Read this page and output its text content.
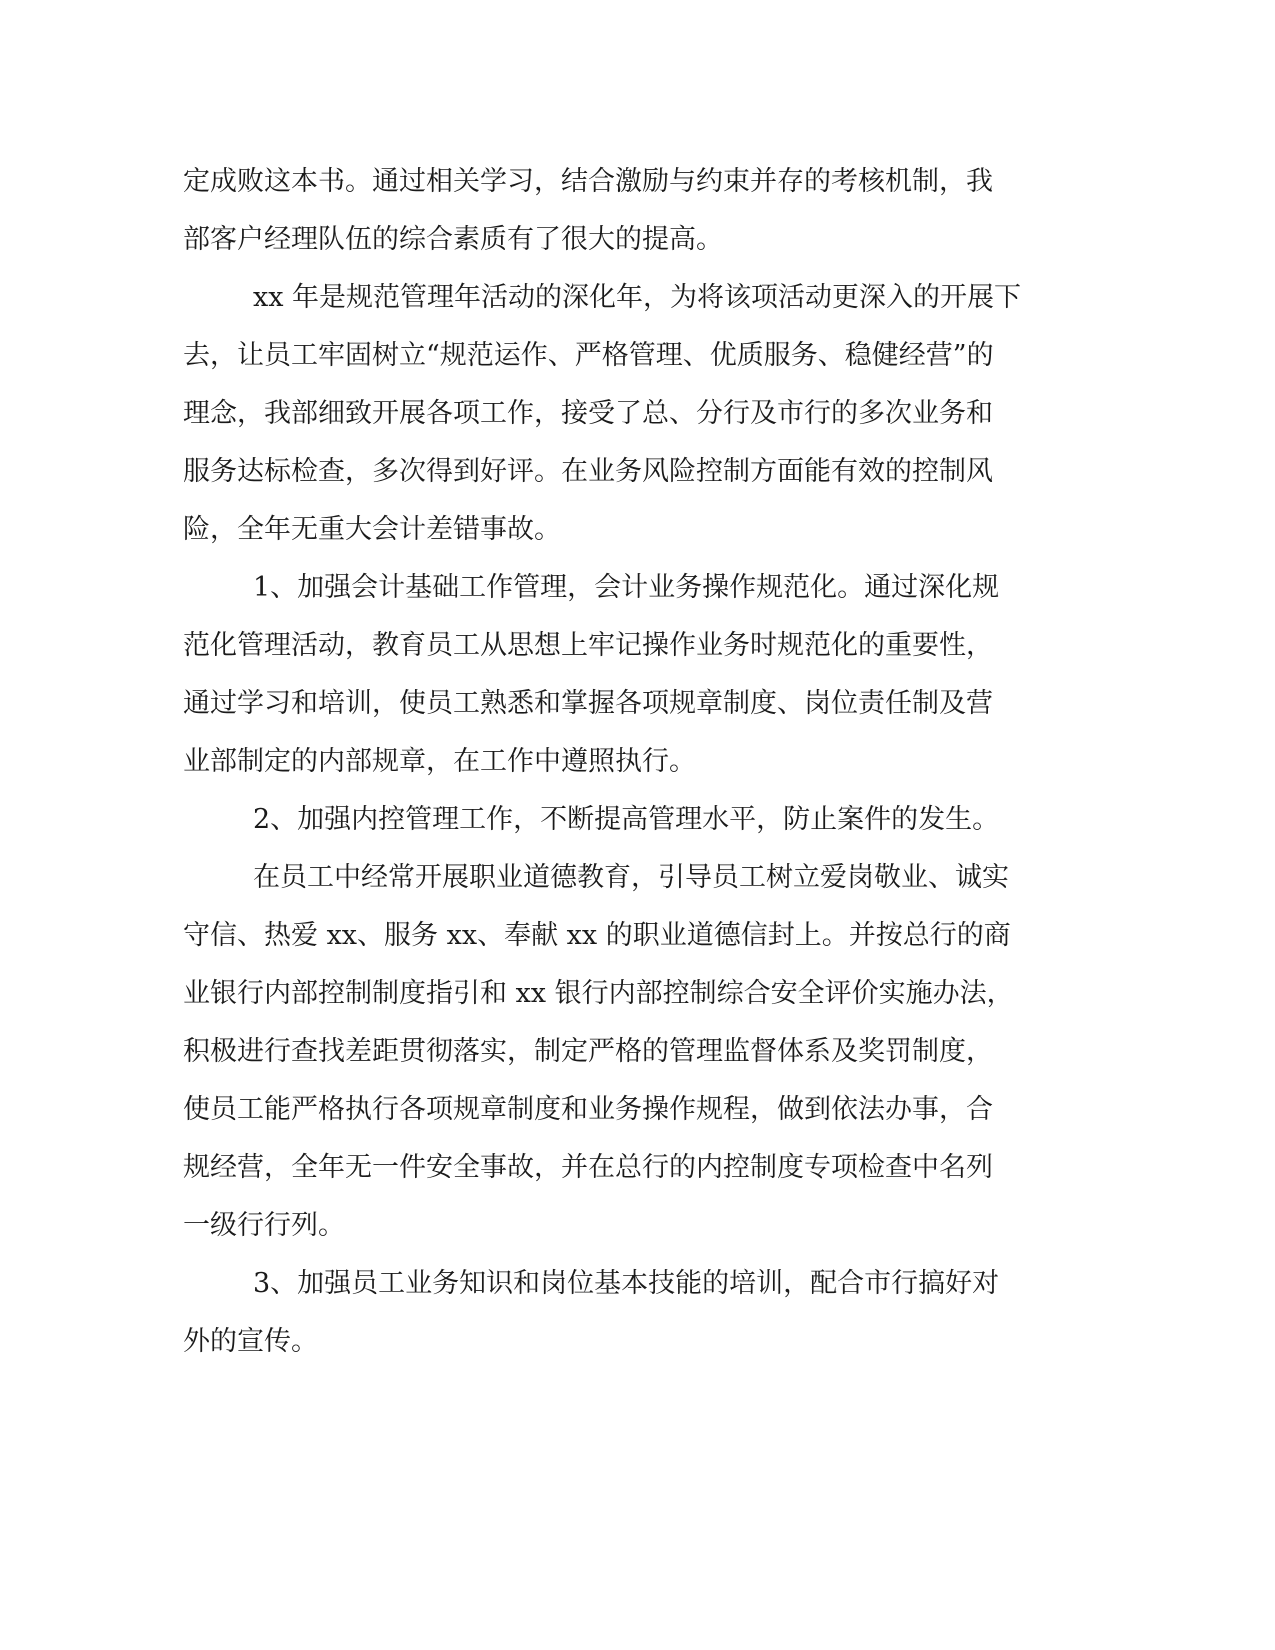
定成败这本书。通过相关学习，结合激励与约束并存的考核机制，我
部客户经理队伍的综合素质有了很大的提高。
xx 年是规范管理年活动的深化年，为将该项活动更深入的开展下
去，让员工牢固树立“规范运作、严格管理、优质服务、稳健经营”的
理念，我部细致开展各项工作，接受了总、分行及市行的多次业务和
服务达标检查，多次得到好评。在业务风险控制方面能有效的控制风
险，全年无重大会计差错事故。
1、加强会计基础工作管理，会计业务操作规范化。通过深化规
范化管理活动，教育员工从思想上牢记操作业务时规范化的重要性，
通过学习和培训，使员工熟悉和掌握各项规章制度、岗位责任制及营
业部制定的内部规章，在工作中遵照执行。
2、加强内控管理工作，不断提高管理水平，防止案件的发生。
在员工中经常开展职业道德教育，引导员工树立爱岗敬业、诚实
守信、热爱 xx、服务 xx、奉献 xx 的职业道德信封上。并按总行的商
业银行内部控制制度指引和 xx 银行内部控制综合安全评价实施办法，
积极进行查找差距贯彻落实，制定严格的管理监督体系及奖罚制度，
使员工能严格执行各项规章制度和业务操作规程，做到依法办事，合
规经营，全年无一件安全事故，并在总行的内控制度专项检查中名列
一级行行列。
3、加强员工业务知识和岗位基本技能的培训，配合市行搞好对
外的宣传。
